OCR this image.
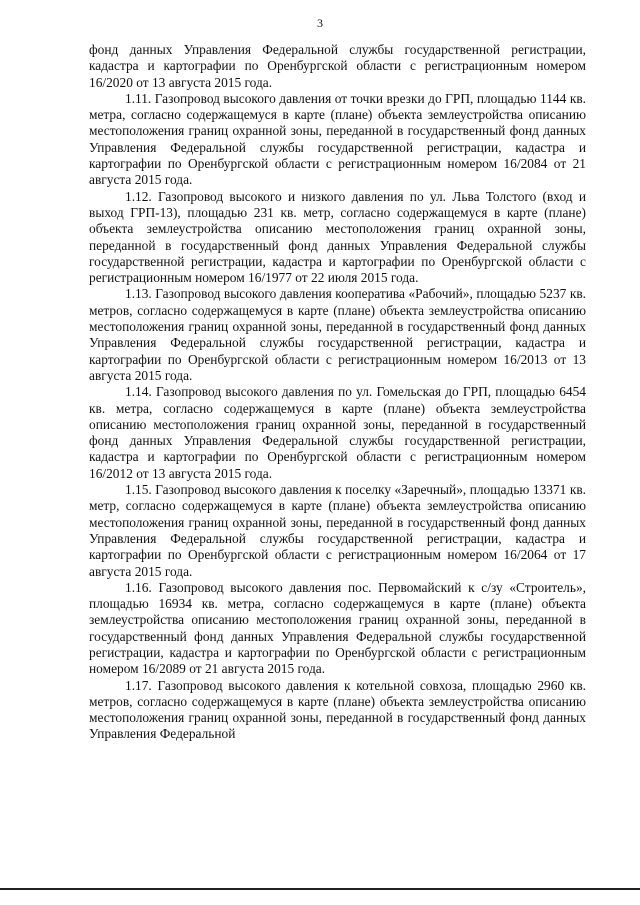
3

фонд данных Управления Федеральной службы государственной регистрации, кадастра и картографии по Оренбургской области с регистрационным номером 16/2020 от 13 августа 2015 года.

1.11. Газопровод высокого давления от точки врезки до ГРП, площадью 1144 кв. метра, согласно содержащемуся в карте (плане) объекта землеустройства описанию местоположения границ охранной зоны, переданной в государственный фонд данных Управления Федеральной службы государственной регистрации, кадастра и картографии по Оренбургской области с регистрационным номером 16/2084 от 21 августа 2015 года.

1.12. Газопровод высокого и низкого давления по ул. Льва Толстого (вход и выход ГРП-13), площадью 231 кв. метр, согласно содержащемуся в карте (плане) объекта землеустройства описанию местоположения границ охранной зоны, переданной в государственный фонд данных Управления Федеральной службы государственной регистрации, кадастра и картографии по Оренбургской области с регистрационным номером 16/1977 от 22 июля 2015 года.

1.13. Газопровод высокого давления кооператива «Рабочий», площадью 5237 кв. метров, согласно содержащемуся в карте (плане) объекта землеустройства описанию местоположения границ охранной зоны, переданной в государственный фонд данных Управления Федеральной службы государственной регистрации, кадастра и картографии по Оренбургской области с регистрационным номером 16/2013 от 13 августа 2015 года.

1.14. Газопровод высокого давления по ул. Гомельская до ГРП, площадью 6454 кв. метра, согласно содержащемуся в карте (плане) объекта землеустройства описанию местоположения границ охранной зоны, переданной в государственный фонд данных Управления Федеральной службы государственной регистрации, кадастра и картографии по Оренбургской области с регистрационным номером 16/2012 от 13 августа 2015 года.

1.15. Газопровод высокого давления к поселку «Заречный», площадью 13371 кв. метр, согласно содержащемуся в карте (плане) объекта землеустройства описанию местоположения границ охранной зоны, переданной в государственный фонд данных Управления Федеральной службы государственной регистрации, кадастра и картографии по Оренбургской области с регистрационным номером 16/2064 от 17 августа 2015 года.

1.16. Газопровод высокого давления пос. Первомайский к с/зу «Строитель», площадью 16934 кв. метра, согласно содержащемуся в карте (плане) объекта землеустройства описанию местоположения границ охранной зоны, переданной в государственный фонд данных Управления Федеральной службы государственной регистрации, кадастра и картографии по Оренбургской области с регистрационным номером 16/2089 от 21 августа 2015 года.

1.17. Газопровод высокого давления к котельной совхоза, площадью 2960 кв. метров, согласно содержащемуся в карте (плане) объекта землеустройства описанию местоположения границ охранной зоны, переданной в государственный фонд данных Управления Федеральной
